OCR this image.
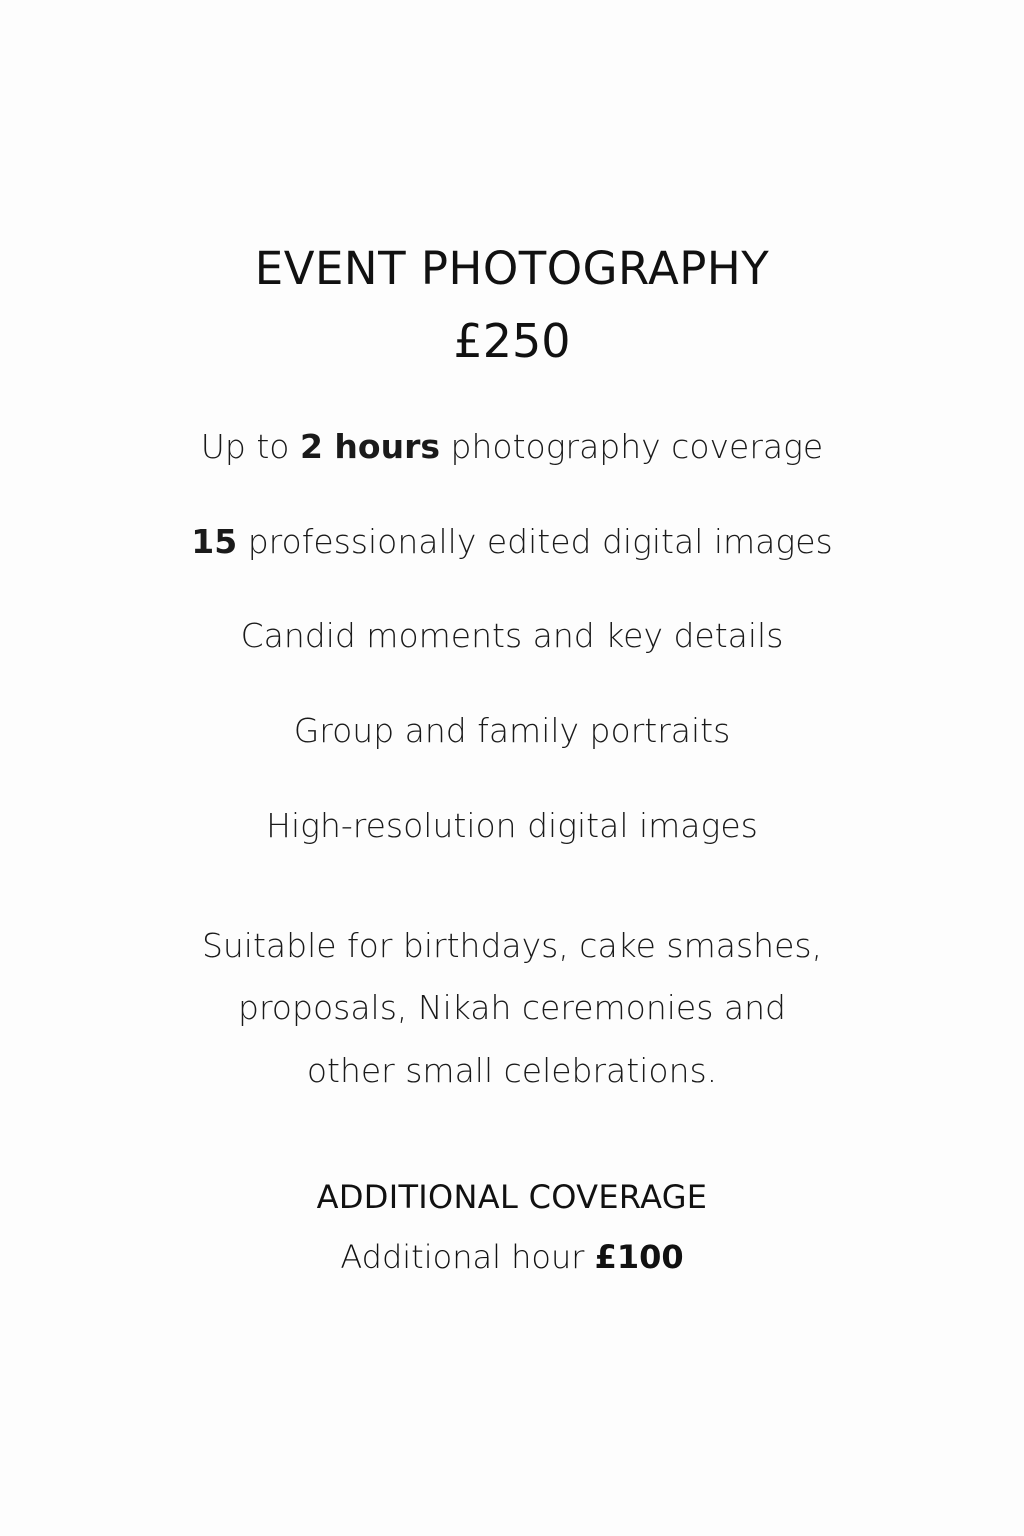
EVENT PHOTOGRAPHY
£250
Up to 2 hours photography coverage
15 professionally edited digital images
Candid moments and key details
Group and family portraits
High-resolution digital images
Suitable for birthdays, cake smashes,
proposals, Nikah ceremonies and
other small celebrations.
ADDITIONAL COVERAGE
Additional hour £100
